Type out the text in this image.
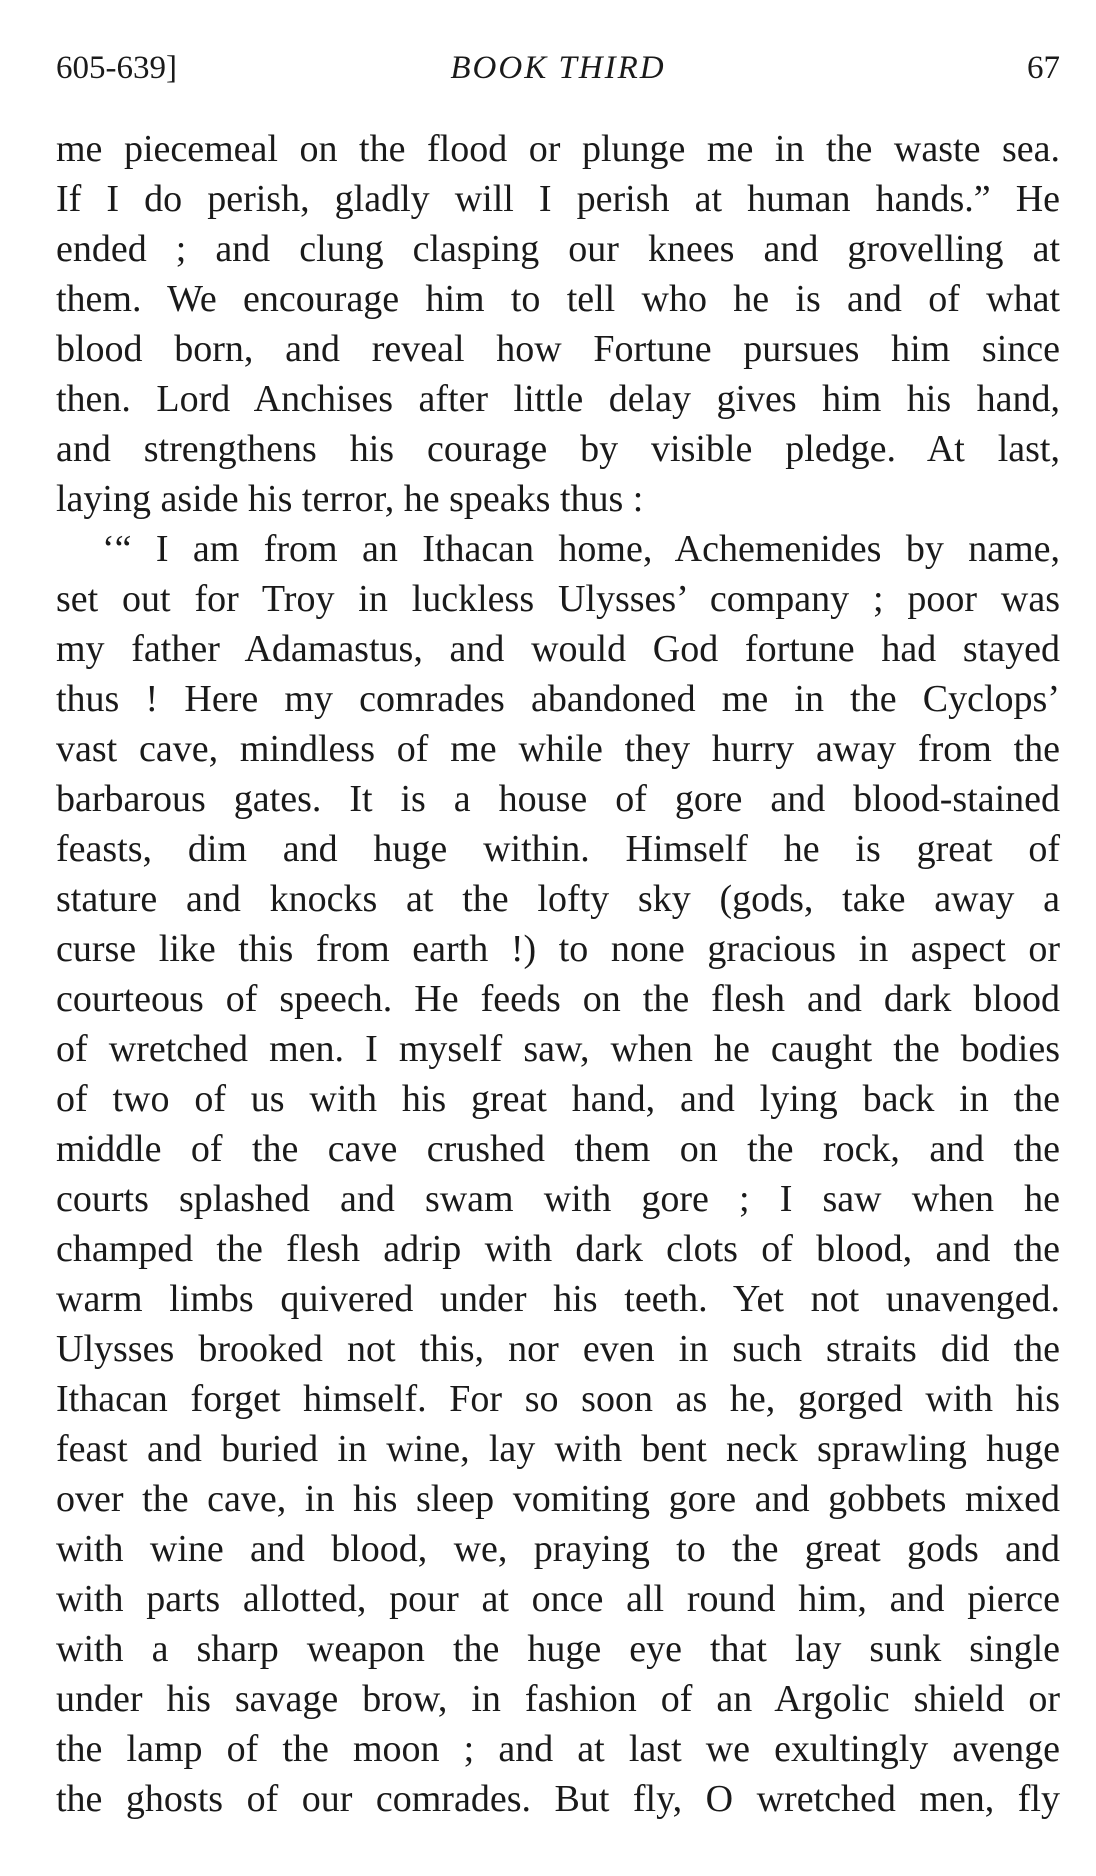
605-639]	BOOK THIRD	67
me piecemeal on the flood or plunge me in the waste sea.
If I do perish, gladly will I perish at human hands.” He
ended ; and clung clasping our knees and grovelling at
them. We encourage him to tell who he is and of what
blood born, and reveal how Fortune pursues him since
then. Lord Anchises after little delay gives him his hand,
and strengthens his courage by visible pledge. At last,
laying aside his terror, he speaks thus :
‘“ I am from an Ithacan home, Achemenides by name,
set out for Troy in luckless Ulysses’ company ; poor was
my father Adamastus, and would God fortune had stayed
thus ! Here my comrades abandoned me in the Cyclops’
vast cave, mindless of me while they hurry away from the
barbarous gates. It is a house of gore and blood-stained
feasts, dim and huge within. Himself he is great of
stature and knocks at the lofty sky (gods, take away a
curse like this from earth !) to none gracious in aspect or
courteous of speech. He feeds on the flesh and dark blood
of wretched men. I myself saw, when he caught the bodies
of two of us with his great hand, and lying back in the
middle of the cave crushed them on the rock, and the
courts splashed and swam with gore ; I saw when he
champed the flesh adrip with dark clots of blood, and the
warm limbs quivered under his teeth. Yet not unavenged.
Ulysses brooked not this, nor even in such straits did the
Ithacan forget himself. For so soon as he, gorged with his
feast and buried in wine, lay with bent neck sprawling huge
over the cave, in his sleep vomiting gore and gobbets mixed
with wine and blood, we, praying to the great gods and
with parts allotted, pour at once all round him, and pierce
with a sharp weapon the huge eye that lay sunk single
under his savage brow, in fashion of an Argolic shield or
the lamp of the moon ; and at last we exultingly avenge
the ghosts of our comrades. But fly, O wretched men, fly
